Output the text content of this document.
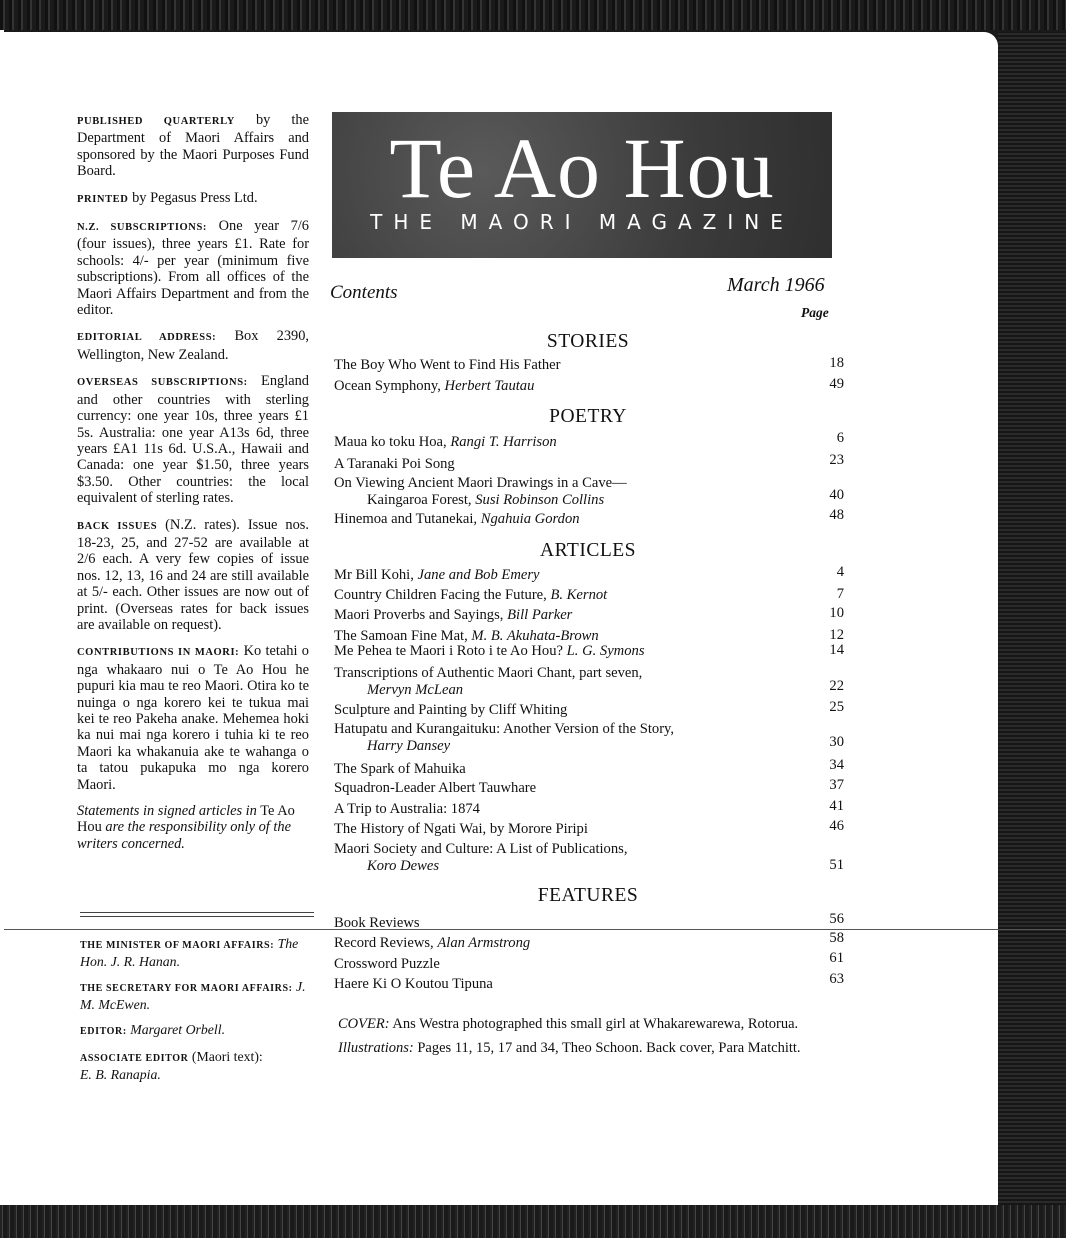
PUBLISHED QUARTERLY by the Department of Maori Affairs and sponsored by the Maori Purposes Fund Board.

PRINTED by Pegasus Press Ltd.

N.Z. SUBSCRIPTIONS: One year 7/6 (four issues), three years £1. Rate for schools: 4/- per year (minimum five subscriptions). From all offices of the Maori Affairs Department and from the editor.

EDITORIAL ADDRESS: Box 2390, Wellington, New Zealand.

OVERSEAS SUBSCRIPTIONS: England and other countries with sterling currency: one year 10s, three years £1 5s. Australia: one year A13s 6d, three years £A1 11s 6d. U.S.A., Hawaii and Canada: one year $1.50, three years $3.50. Other countries: the local equivalent of sterling rates.

BACK ISSUES (N.Z. rates). Issue nos. 18-23, 25, and 27-52 are available at 2/6 each. A very few copies of issue nos. 12, 13, 16 and 24 are still available at 5/- each. Other issues are now out of print. (Overseas rates for back issues are available on request).

CONTRIBUTIONS IN MAORI: Ko tetahi o nga whakaaro nui o Te Ao Hou he pupuri kia mau te reo Maori. Otira ko te nuinga o nga korero kei te tukua mai kei te reo Pakeha anake. Mehemea hoki ka nui mai nga korero i tuhia ki te reo Maori ka whakanuia ake te wahanga o ta tatou pukapuka mo nga korero Maori.

Statements in signed articles in Te Ao Hou are the responsibility only of the writers concerned.

THE MINISTER OF MAORI AFFAIRS: The Hon. J. R. Hanan.

THE SECRETARY FOR MAORI AFFAIRS: J. M. McEwen.

EDITOR: Margaret Orbell.

ASSOCIATE EDITOR (Maori text):
E. B. Ranapia.

Te Ao Hou
THE MAORI MAGAZINE
Contents	March 1966
Page
STORIES
POETRY
ARTICLES
FEATURES
The Boy Who Went to Find His Father	18
Ocean Symphony, Herbert Tautau	49
Maua ko toku Hoa, Rangi T. Harrison	6
A Taranaki Poi Song	23
On Viewing Ancient Maori Drawings in a Cave—
Kaingaroa Forest, Susi Robinson Collins	40
Hinemoa and Tutanekai, Ngahuia Gordon	48
Mr Bill Kohi, Jane and Bob Emery	4
Country Children Facing the Future, B. Kernot	7
Maori Proverbs and Sayings, Bill Parker	10
The Samoan Fine Mat, M. B. Akuhata-Brown	12
Me Pehea te Maori i Roto i te Ao Hou? L. G. Symons	14
Transcriptions of Authentic Maori Chant, part seven,
Mervyn McLean	22
Sculpture and Painting by Cliff Whiting	25
Hatupatu and Kurangaituku: Another Version of the Story,
Harry Dansey	30
The Spark of Mahuika	34
Squadron-Leader Albert Tauwhare	37
A Trip to Australia: 1874	41
The History of Ngati Wai, by Morore Piripi	46
Maori Society and Culture: A List of Publications,
Koro Dewes	51
Book Reviews	56
Record Reviews, Alan Armstrong	58
Crossword Puzzle	61
Haere Ki O Koutou Tipuna	63

COVER: Ans Westra photographed this small girl at Whakarewarewa, Rotorua.

Illustrations: Pages 11, 15, 17 and 34, Theo Schoon. Back cover, Para Matchitt.
